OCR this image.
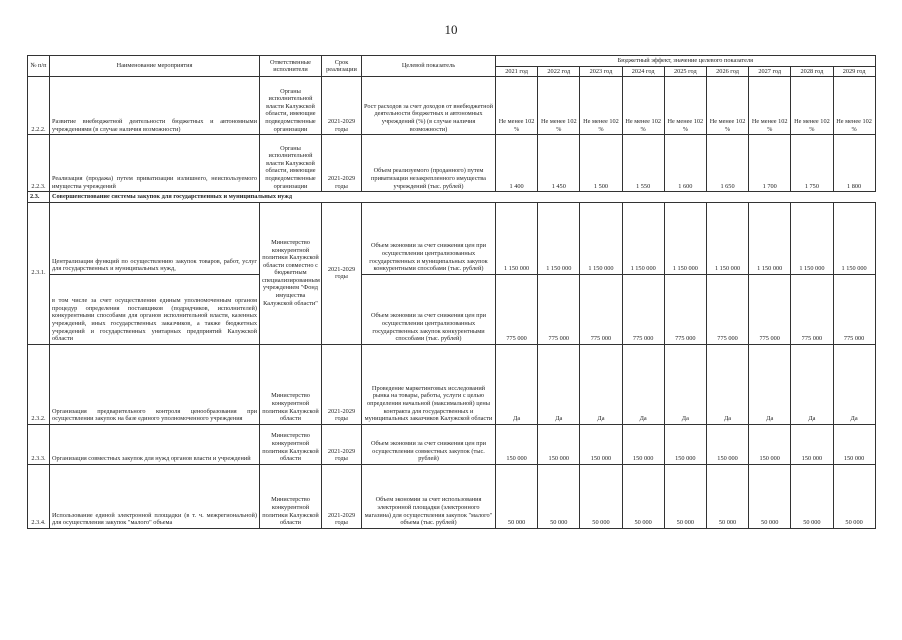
10
№ п/п	Наименование мероприятия	Ответственные исполнители	Срок реализации	Целевой показатель	Бюджетный эффект, значение целевого показателя								
					2021 год	2022 год	2023 год	2024 год	2025 год	2026 год	2027 год	2028 год	2029 год
2.2.2.	Развитие внебюджетной деятельности бюджетных и автономными учреждениями (в случае наличия возможности)	Органы исполнительной власти Калужской области, имеющие подведомственные организации	2021-2029 годы	Рост расходов за счет доходов от внебюджетной деятельности бюджетных и автономных учреждений (%) (в случае наличия возможности)	Не менее 102 %	Не менее 102 %	Не менее 102 %	Не менее 102 %	Не менее 102 %	Не менее 102 %	Не менее 102 %	Не менее 102 %	Не менее 102 %
2.2.3.	Реализация (продажа) путем приватизации излишнего, неиспользуемого имущества учреждений	Органы исполнительной власти Калужской области, имеющие подведомственные организации	2021-2029 годы	Объем реализуемого (проданного) путем приватизации незакрепленного имущества учреждений (тыс. рублей)	1 400	1 450	1 500	1 550	1 600	1 650	1 700	1 750	1 800
2.3.	Совершенствование системы закупок для государственных и муниципальных нужд												
2.3.1.	Централизация функций по осуществлению закупок товаров, работ, услуг для государственных и муниципальных нужд,	Министерство конкурентной политики Калужской области совместно с бюджетным специализированным учреждением "Фонд имущества Калужской области"	2021-2029 годы	Объем экономии за счет снижения цен при осуществлении централизованных государственных и муниципальных закупок конкурентными способами (тыс. рублей)	1 150 000	1 150 000	1 150 000	1 150 000	1 150 000	1 150 000	1 150 000	1 150 000	1 150 000
	в том числе за счет осуществления единым уполномоченным органом процедур определения поставщиков (подрядчиков, исполнителей) конкурентными способами для органов исполнительной власти, казенных учреждений, иных государственных заказчиков, а также бюджетных учреждений и государственных унитарных предприятий Калужской области			Объем экономии за счет снижения цен при осуществлении централизованных государственных закупок конкурентными способами (тыс. рублей)	775 000	775 000	775 000	775 000	775 000	775 000	775 000	775 000	775 000
2.3.2.	Организация предварительного контроля ценообразования при осуществлении закупок на базе единого уполномоченного учреждения	Министерство конкурентной политики Калужской области	2021-2029 годы	Проведение маркетинговых исследований рынка на товары, работы, услуги с целью определения начальной (максимальной) цены контракта для государственных и муниципальных заказчиков Калужской области	Да	Да	Да	Да	Да	Да	Да	Да	Да
2.3.3.	Организация совместных закупок для нужд органов власти и учреждений	Министерство конкурентной политики Калужской области	2021-2029 годы	Объем экономии за счет снижения цен при осуществлении совместных закупок (тыс. рублей)	150 000	150 000	150 000	150 000	150 000	150 000	150 000	150 000	150 000
2.3.4.	Использование единой электронной площадки (в т. ч. межрегиональной) для осуществления закупок "малого" объема	Министерство конкурентной политики Калужской области	2021-2029 годы	Объем экономии за счет использования электронной площадки (электронного магазина) для осуществления закупок "малого" объема (тыс. рублей)	50 000	50 000	50 000	50 000	50 000	50 000	50 000	50 000	50 000
